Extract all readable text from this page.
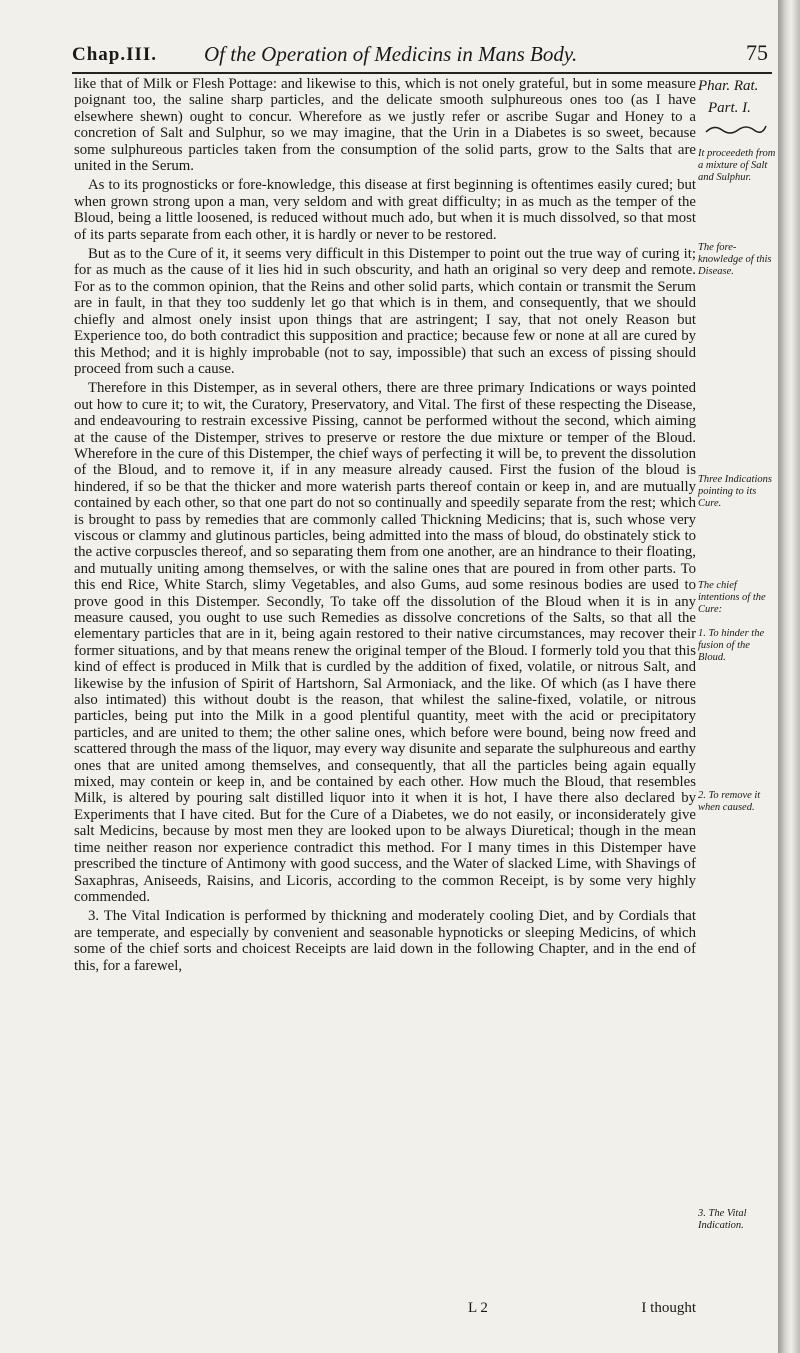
Chap.III. Of the Operation of Medicins in Mans Body.	75

like that of Milk or Flesh Pottage: and likewise to this, which is not onely grateful, but in some measure poignant too, the saline sharp particles, and the delicate smooth sulphureous ones too (as I have elsewhere shewn) ought to concur. Wherefore as we justly refer or ascribe Sugar and Honey to a concretion of Salt and Sulphur, so we may imagine, that the Urin in a Diabetes is so sweet, because some sulphureous particles taken from the consumption of the solid parts, grow to the Salts that are united in the Serum.

As to its prognosticks or fore-knowledge, this disease at first beginning is oftentimes easily cured; but when grown strong upon a man, very seldom and with great difficulty; in as much as the temper of the Bloud, being a little loosened, is reduced without much ado, but when it is much dissolved, so that most of its parts separate from each other, it is hardly or never to be restored.

But as to the Cure of it, it seems very difficult in this Distemper to point out the true way of curing it; for as much as the cause of it lies hid in such obscurity, and hath an original so very deep and remote. For as to the common opinion, that the Reins and other solid parts, which contain or transmit the Serum are in fault, in that they too suddenly let go that which is in them, and consequently, that we should chiefly and almost onely insist upon things that are astringent; I say, that not onely Reason but Experience too, do both contradict this supposition and practice; because few or none at all are cured by this Method; and it is highly improbable (not to say, impossible) that such an excess of pissing should proceed from such a cause.

Therefore in this Distemper, as in several others, there are three primary Indications or ways pointed out how to cure it; to wit, the Curatory, Preservatory, and Vital. The first of these respecting the Disease, and endeavouring to restrain excessive Pissing, cannot be performed without the second, which aiming at the cause of the Distemper, strives to preserve or restore the due mixture or temper of the Bloud. Wherefore in the cure of this Distemper, the chief ways of perfecting it will be, to prevent the dissolution of the Bloud, and to remove it, if in any measure already caused. First the fusion of the bloud is hindered, if so be that the thicker and more waterish parts thereof contain or keep in, and are mutually contained by each other, so that one part do not so continually and speedily separate from the rest; which is brought to pass by remedies that are commonly called Thickning Medicins; that is, such whose very viscous or clammy and glutinous particles, being admitted into the mass of bloud, do obstinately stick to the active corpuscles thereof, and so separating them from one another, are an hindrance to their floating, and mutually uniting among themselves, or with the saline ones that are poured in from other parts. To this end Rice, White Starch, slimy Vegetables, and also Gums, aud some resinous bodies are used to prove good in this Distemper. Secondly, To take off the dissolution of the Bloud when it is in any measure caused, you ought to use such Remedies as dissolve concretions of the Salts, so that all the elementary particles that are in it, being again restored to their native circumstances, may recover their former situations, and by that means renew the original temper of the Bloud. I formerly told you that this kind of effect is produced in Milk that is curdled by the addition of fixed, volatile, or nitrous Salt, and likewise by the infusion of Spirit of Hartshorn, Sal Armoniack, and the like. Of which (as I have there also intimated) this without doubt is the reason, that whilest the saline-fixed, volatile, or nitrous particles, being put into the Milk in a good plentiful quantity, meet with the acid or precipitatory particles, and are united to them; the other saline ones, which before were bound, being now freed and scattered through the mass of the liquor, may every way disunite and separate the sulphureous and earthy ones that are united among themselves, and consequently, that all the particles being again equally mixed, may contein or keep in, and be contained by each other. How much the Bloud, that resembles Milk, is altered by pouring salt distilled liquor into it when it is hot, I have there also declared by Experiments that I have cited. But for the Cure of a Diabetes, we do not easily, or inconsiderately give salt Medicins, because by most men they are looked upon to be always Diuretical; though in the mean time neither reason nor experience contradict this method. For I many times in this Distemper have prescribed the tincture of Antimony with good success, and the Water of slacked Lime, with Shavings of Saxaphras, Aniseeds, Raisins, and Licoris, according to the common Receipt, is by some very highly commended.

3. The Vital Indication is performed by thickning and moderately cooling Diet, and by Cordials that are temperate, and especially by convenient and seasonable hypnoticks or sleeping Medicins, of which some of the chief sorts and choicest Receipts are laid down in the following Chapter, and in the end of this, for a farewel,

Phar. Rat.
Part. I.
It proceedeth from a mixture of Salt and Sulphur.
The fore-knowledge of this Disease.
Three Indications pointing to its Cure.
The chief intentions of the Cure:
1. To hinder the fusion of the Bloud.
2. To remove it when caused.
3. The Vital Indication.
L 2	I thought
